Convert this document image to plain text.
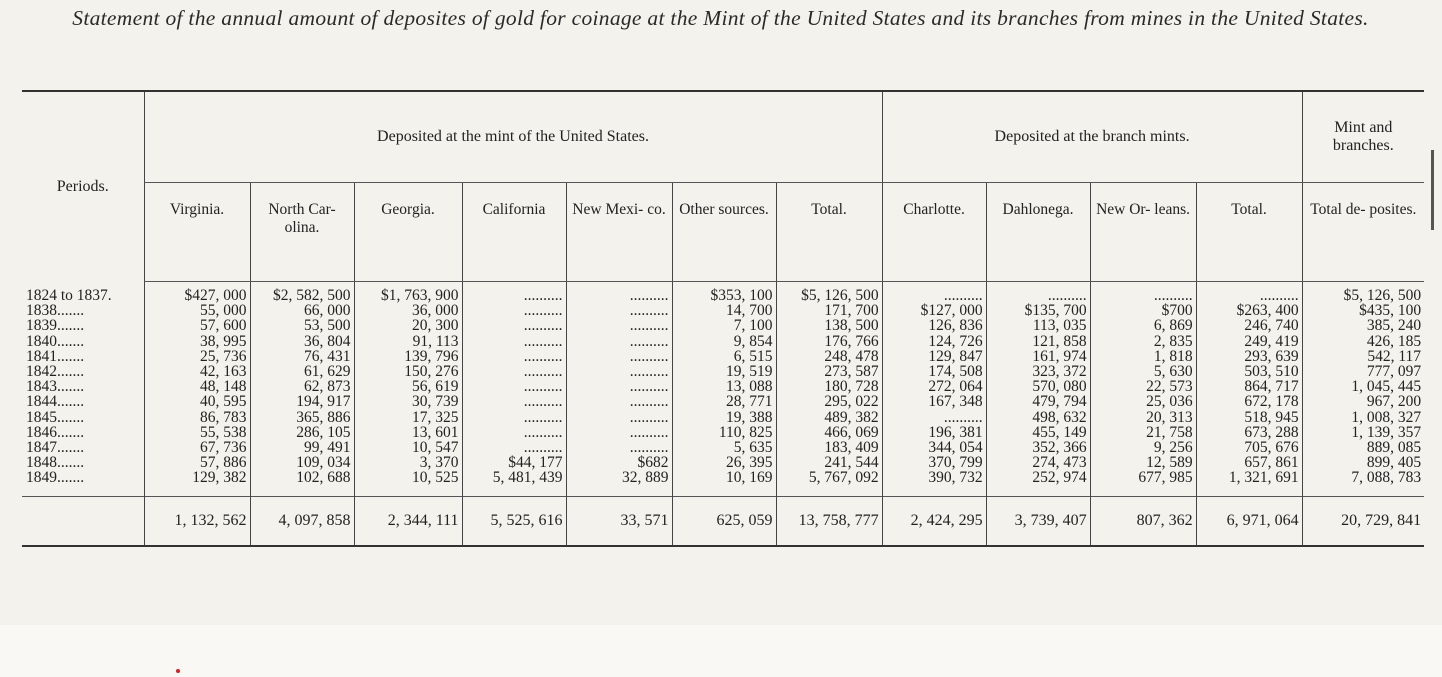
Statement of the annual amount of deposites of gold for coinage at the Mint of the United States and its branches from mines in the United States.
Periods.	Deposited at the mint of the United States.							Deposited at the branch mints.				Mint and branches.
	Virginia.	North Car- olina.	Georgia.	California	New Mexi- co.	Other sources.	Total.	Charlotte.	Dahlonega.	New Or- leans.	Total.	Total de- posites.
1824 to 1837.	$427, 000	$2, 582, 500	$1, 763, 900	..........	..........	$353, 100	$5, 126, 500	..........	..........	..........	..........	$5, 126, 500
1838.......	55, 000	66, 000	36, 000	..........	..........	14, 700	171, 700	$127, 000	$135, 700	$700	$263, 400	$435, 100
1839.......	57, 600	53, 500	20, 300	..........	..........	7, 100	138, 500	126, 836	113, 035	6, 869	246, 740	385, 240
1840.......	38, 995	36, 804	91, 113	..........	..........	9, 854	176, 766	124, 726	121, 858	2, 835	249, 419	426, 185
1841.......	25, 736	76, 431	139, 796	..........	..........	6, 515	248, 478	129, 847	161, 974	1, 818	293, 639	542, 117
1842.......	42, 163	61, 629	150, 276	..........	..........	19, 519	273, 587	174, 508	323, 372	5, 630	503, 510	777, 097
1843.......	48, 148	62, 873	56, 619	..........	..........	13, 088	180, 728	272, 064	570, 080	22, 573	864, 717	1, 045, 445
1844.......	40, 595	194, 917	30, 739	..........	..........	28, 771	295, 022	167, 348	479, 794	25, 036	672, 178	967, 200
1845.......	86, 783	365, 886	17, 325	..........	..........	19, 388	489, 382	..........	498, 632	20, 313	518, 945	1, 008, 327
1846.......	55, 538	286, 105	13, 601	..........	..........	110, 825	466, 069	196, 381	455, 149	21, 758	673, 288	1, 139, 357
1847.......	67, 736	99, 491	10, 547	..........	..........	5, 635	183, 409	344, 054	352, 366	9, 256	705, 676	889, 085
1848.......	57, 886	109, 034	3, 370	$44, 177	$682	26, 395	241, 544	370, 799	274, 473	12, 589	657, 861	899, 405
1849.......	129, 382	102, 688	10, 525	5, 481, 439	32, 889	10, 169	5, 767, 092	390, 732	252, 974	677, 985	1, 321, 691	7, 088, 783

	1, 132, 562	4, 097, 858	2, 344, 111	5, 525, 616	33, 571	625, 059	13, 758, 777	2, 424, 295	3, 739, 407	807, 362	6, 971, 064	20, 729, 841
